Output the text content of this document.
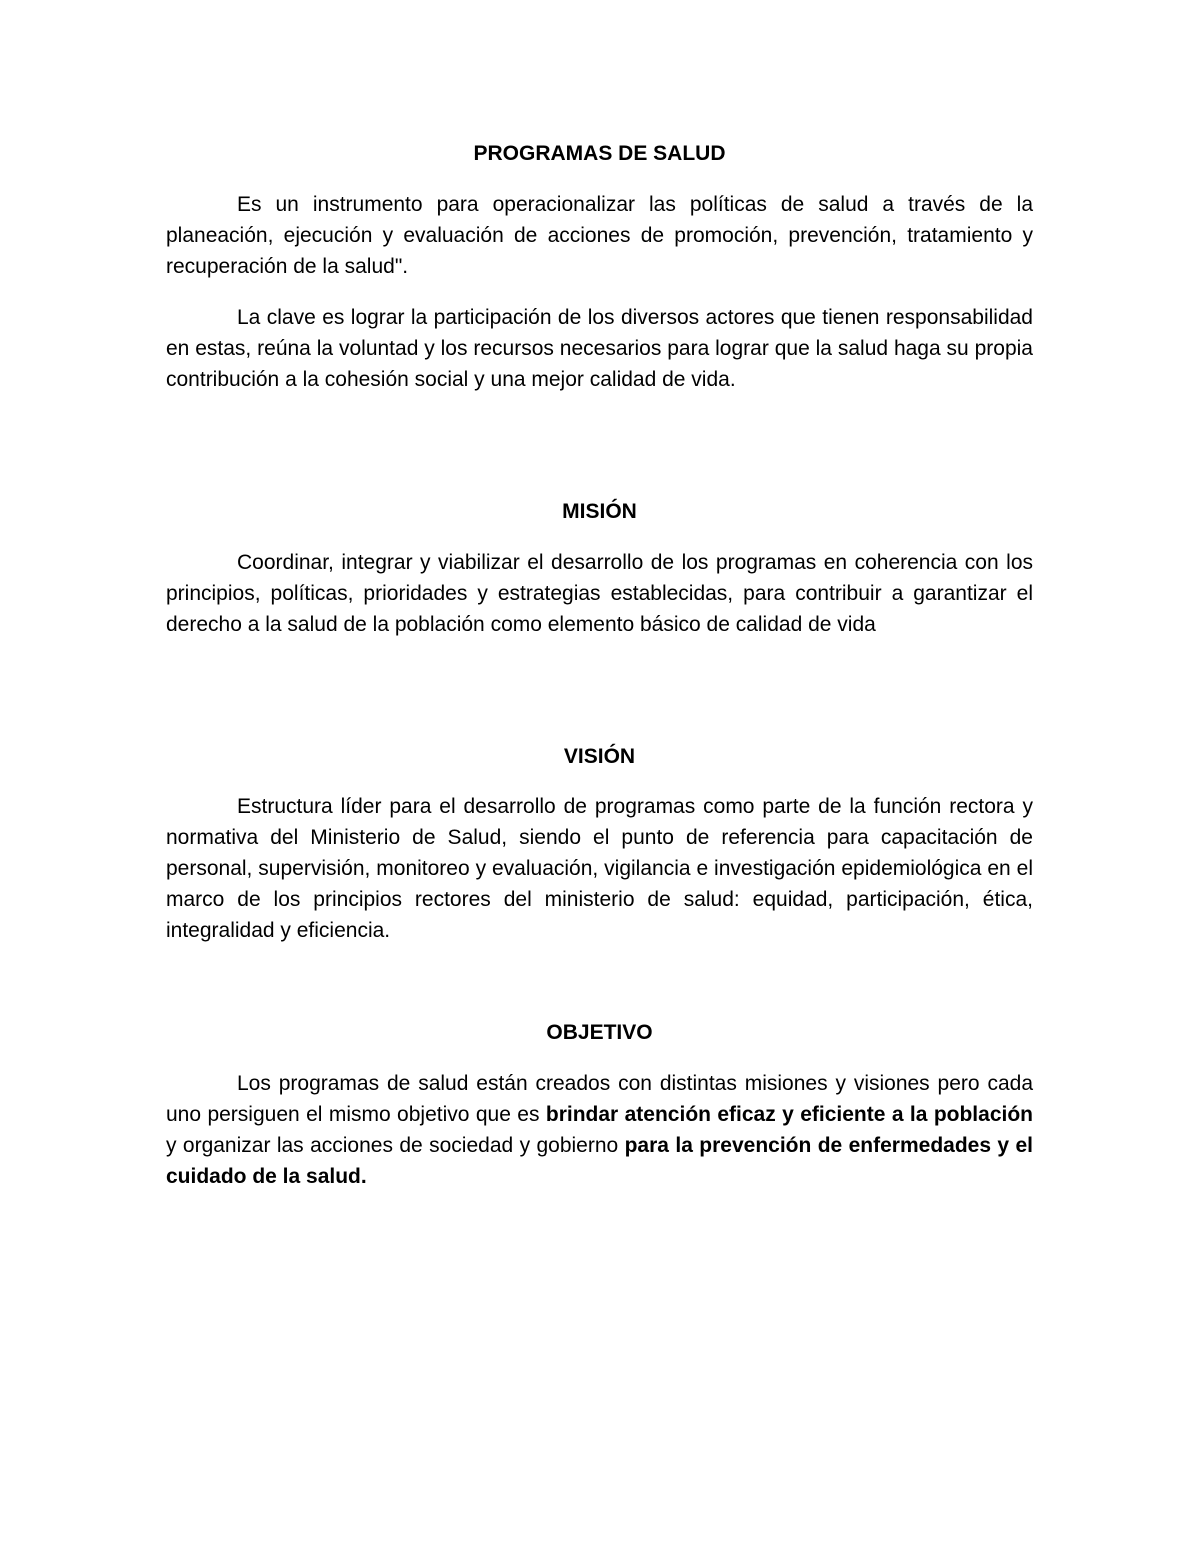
PROGRAMAS DE SALUD

Es un instrumento para operacionalizar las políticas de salud a través de la planeación, ejecución y evaluación de acciones de promoción, prevención, tratamiento y recuperación de la salud".

La clave es lograr la participación de los diversos actores que tienen responsabilidad en estas, reúna la voluntad y los recursos necesarios para lograr que la salud haga su propia contribución a la cohesión social y una mejor calidad de vida.

MISIÓN

Coordinar, integrar y viabilizar el desarrollo de los programas en coherencia con los principios, políticas, prioridades y estrategias establecidas, para contribuir a garantizar el derecho a la salud de la población como elemento básico de calidad de vida

VISIÓN

Estructura líder para el desarrollo de programas como parte de la función rectora y normativa del Ministerio de Salud, siendo el punto de referencia para capacitación de personal, supervisión, monitoreo y evaluación, vigilancia e investigación epidemiológica en el marco de los principios rectores del ministerio de salud: equidad, participación, ética, integralidad y eficiencia.

OBJETIVO

Los programas de salud están creados con distintas misiones y visiones pero cada uno persiguen el mismo objetivo que es brindar atención eficaz y eficiente a la población y organizar las acciones de sociedad y gobierno para la prevención de enfermedades y el cuidado de la salud.
